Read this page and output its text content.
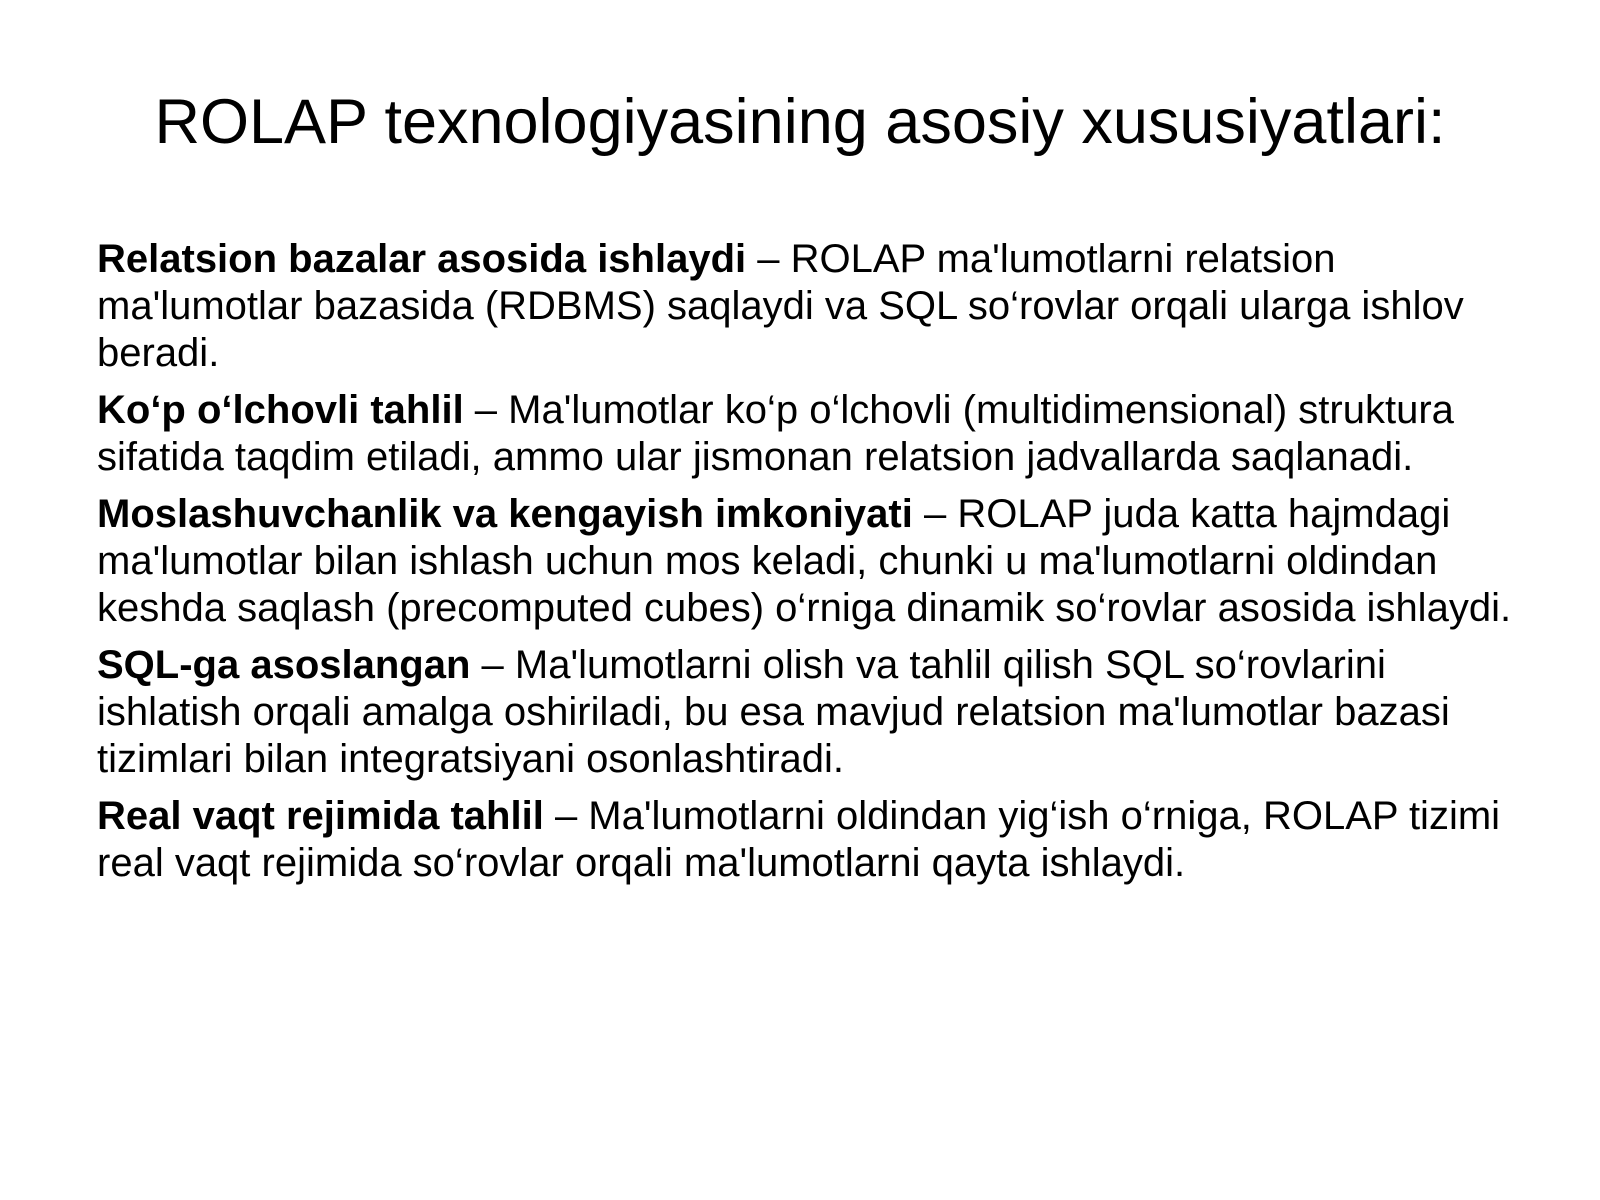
ROLAP texnologiyasining asosiy xususiyatlari:

Relatsion bazalar asosida ishlaydi – ROLAP ma'lumotlarni relatsion ma'lumotlar bazasida (RDBMS) saqlaydi va SQL so‘rovlar orqali ularga ishlov beradi.

Ko‘p o‘lchovli tahlil – Ma'lumotlar ko‘p o‘lchovli (multidimensional) struktura sifatida taqdim etiladi, ammo ular jismonan relatsion jadvallarda saqlanadi.

Moslashuvchanlik va kengayish imkoniyati – ROLAP juda katta hajmdagi ma'lumotlar bilan ishlash uchun mos keladi, chunki u ma'lumotlarni oldindan keshda saqlash (precomputed cubes) o‘rniga dinamik so‘rovlar asosida ishlaydi.

SQL-ga asoslangan – Ma'lumotlarni olish va tahlil qilish SQL so‘rovlarini ishlatish orqali amalga oshiriladi, bu esa mavjud relatsion ma'lumotlar bazasi tizimlari bilan integratsiyani osonlashtiradi.

Real vaqt rejimida tahlil – Ma'lumotlarni oldindan yig‘ish o‘rniga, ROLAP tizimi real vaqt rejimida so‘rovlar orqali ma'lumotlarni qayta ishlaydi.
